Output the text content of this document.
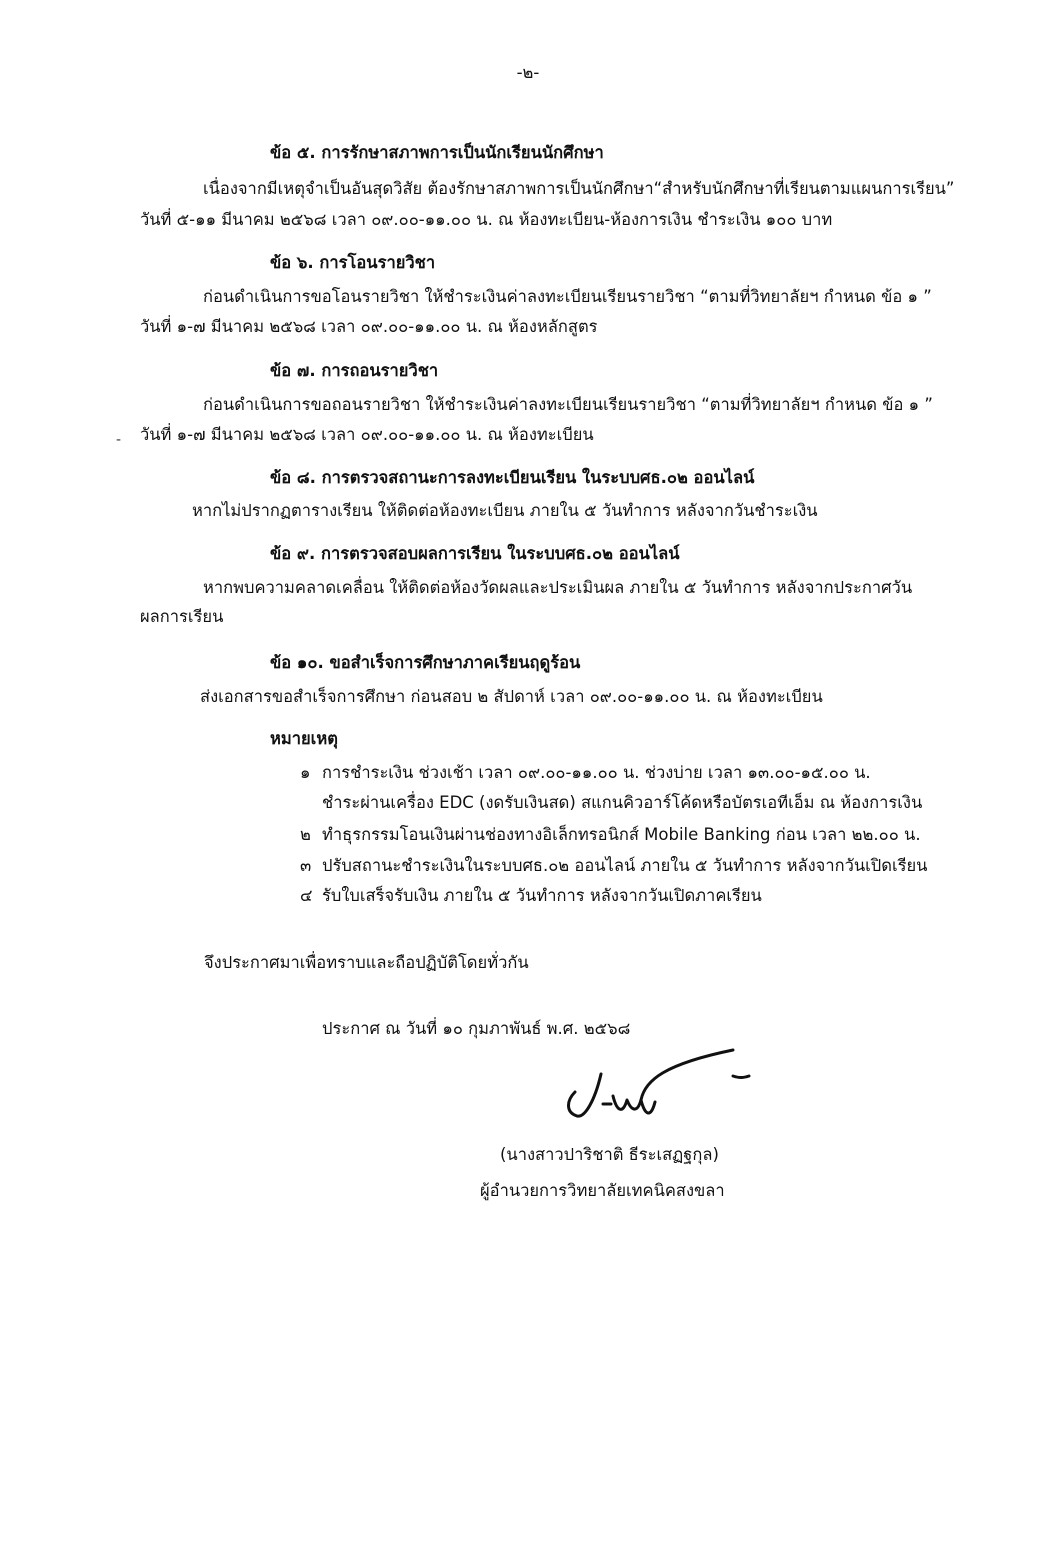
-๒-
ข้อ ๕. การรักษาสภาพการเป็นนักเรียนนักศึกษา
เนื่องจากมีเหตุจำเป็นอันสุดวิสัย ต้องรักษาสภาพการเป็นนักศึกษา“สำหรับนักศึกษาที่เรียนตามแผนการเรียน”
วันที่ ๕-๑๑ มีนาคม ๒๕๖๘ เวลา ๐๙.๐๐-๑๑.๐๐ น. ณ ห้องทะเบียน-ห้องการเงิน ชำระเงิน ๑๐๐ บาท
ข้อ ๖. การโอนรายวิชา
ก่อนดำเนินการขอโอนรายวิชา ให้ชำระเงินค่าลงทะเบียนเรียนรายวิชา “ตามที่วิทยาลัยฯ กำหนด ข้อ ๑ ”
วันที่ ๑-๗ มีนาคม ๒๕๖๘ เวลา ๐๙.๐๐-๑๑.๐๐ น. ณ ห้องหลักสูตร
ข้อ ๗. การถอนรายวิชา
ก่อนดำเนินการขอถอนรายวิชา ให้ชำระเงินค่าลงทะเบียนเรียนรายวิชา “ตามที่วิทยาลัยฯ กำหนด ข้อ ๑ ”
- วันที่ ๑-๗ มีนาคม ๒๕๖๘ เวลา ๐๙.๐๐-๑๑.๐๐ น. ณ ห้องทะเบียน
ข้อ ๘. การตรวจสถานะการลงทะเบียนเรียน ในระบบศธ.๐๒ ออนไลน์
หากไม่ปรากฏตารางเรียน ให้ติดต่อห้องทะเบียน ภายใน ๕ วันทำการ หลังจากวันชำระเงิน
ข้อ ๙. การตรวจสอบผลการเรียน ในระบบศธ.๐๒ ออนไลน์
หากพบความคลาดเคลื่อน ให้ติดต่อห้องวัดผลและประเมินผล ภายใน ๕ วันทำการ หลังจากประกาศวัน
ผลการเรียน
ข้อ ๑๐. ขอสำเร็จการศึกษาภาคเรียนฤดูร้อน
ส่งเอกสารขอสำเร็จการศึกษา ก่อนสอบ ๒ สัปดาห์ เวลา ๐๙.๐๐-๑๑.๐๐ น. ณ ห้องทะเบียน
หมายเหตุ
๑ การชำระเงิน ช่วงเช้า เวลา ๐๙.๐๐-๑๑.๐๐ น. ช่วงบ่าย เวลา ๑๓.๐๐-๑๕.๐๐ น.
ชำระผ่านเครื่อง EDC (งดรับเงินสด) สแกนคิวอาร์โค้ดหรือบัตรเอทีเอ็ม ณ ห้องการเงิน
๒ ทำธุรกรรมโอนเงินผ่านช่องทางอิเล็กทรอนิกส์ Mobile Banking ก่อน เวลา ๒๒.๐๐ น.
๓ ปรับสถานะชำระเงินในระบบศธ.๐๒ ออนไลน์ ภายใน ๕ วันทำการ หลังจากวันเปิดเรียน
๔ รับใบเสร็จรับเงิน ภายใน ๕ วันทำการ หลังจากวันเปิดภาคเรียน
จึงประกาศมาเพื่อทราบและถือปฏิบัติโดยทั่วกัน
ประกาศ ณ วันที่ ๑๐ กุมภาพันธ์ พ.ศ. ๒๕๖๘
(นางสาวปาริชาติ ธีระเสฏฐกุล)
ผู้อำนวยการวิทยาลัยเทคนิคสงขลา
